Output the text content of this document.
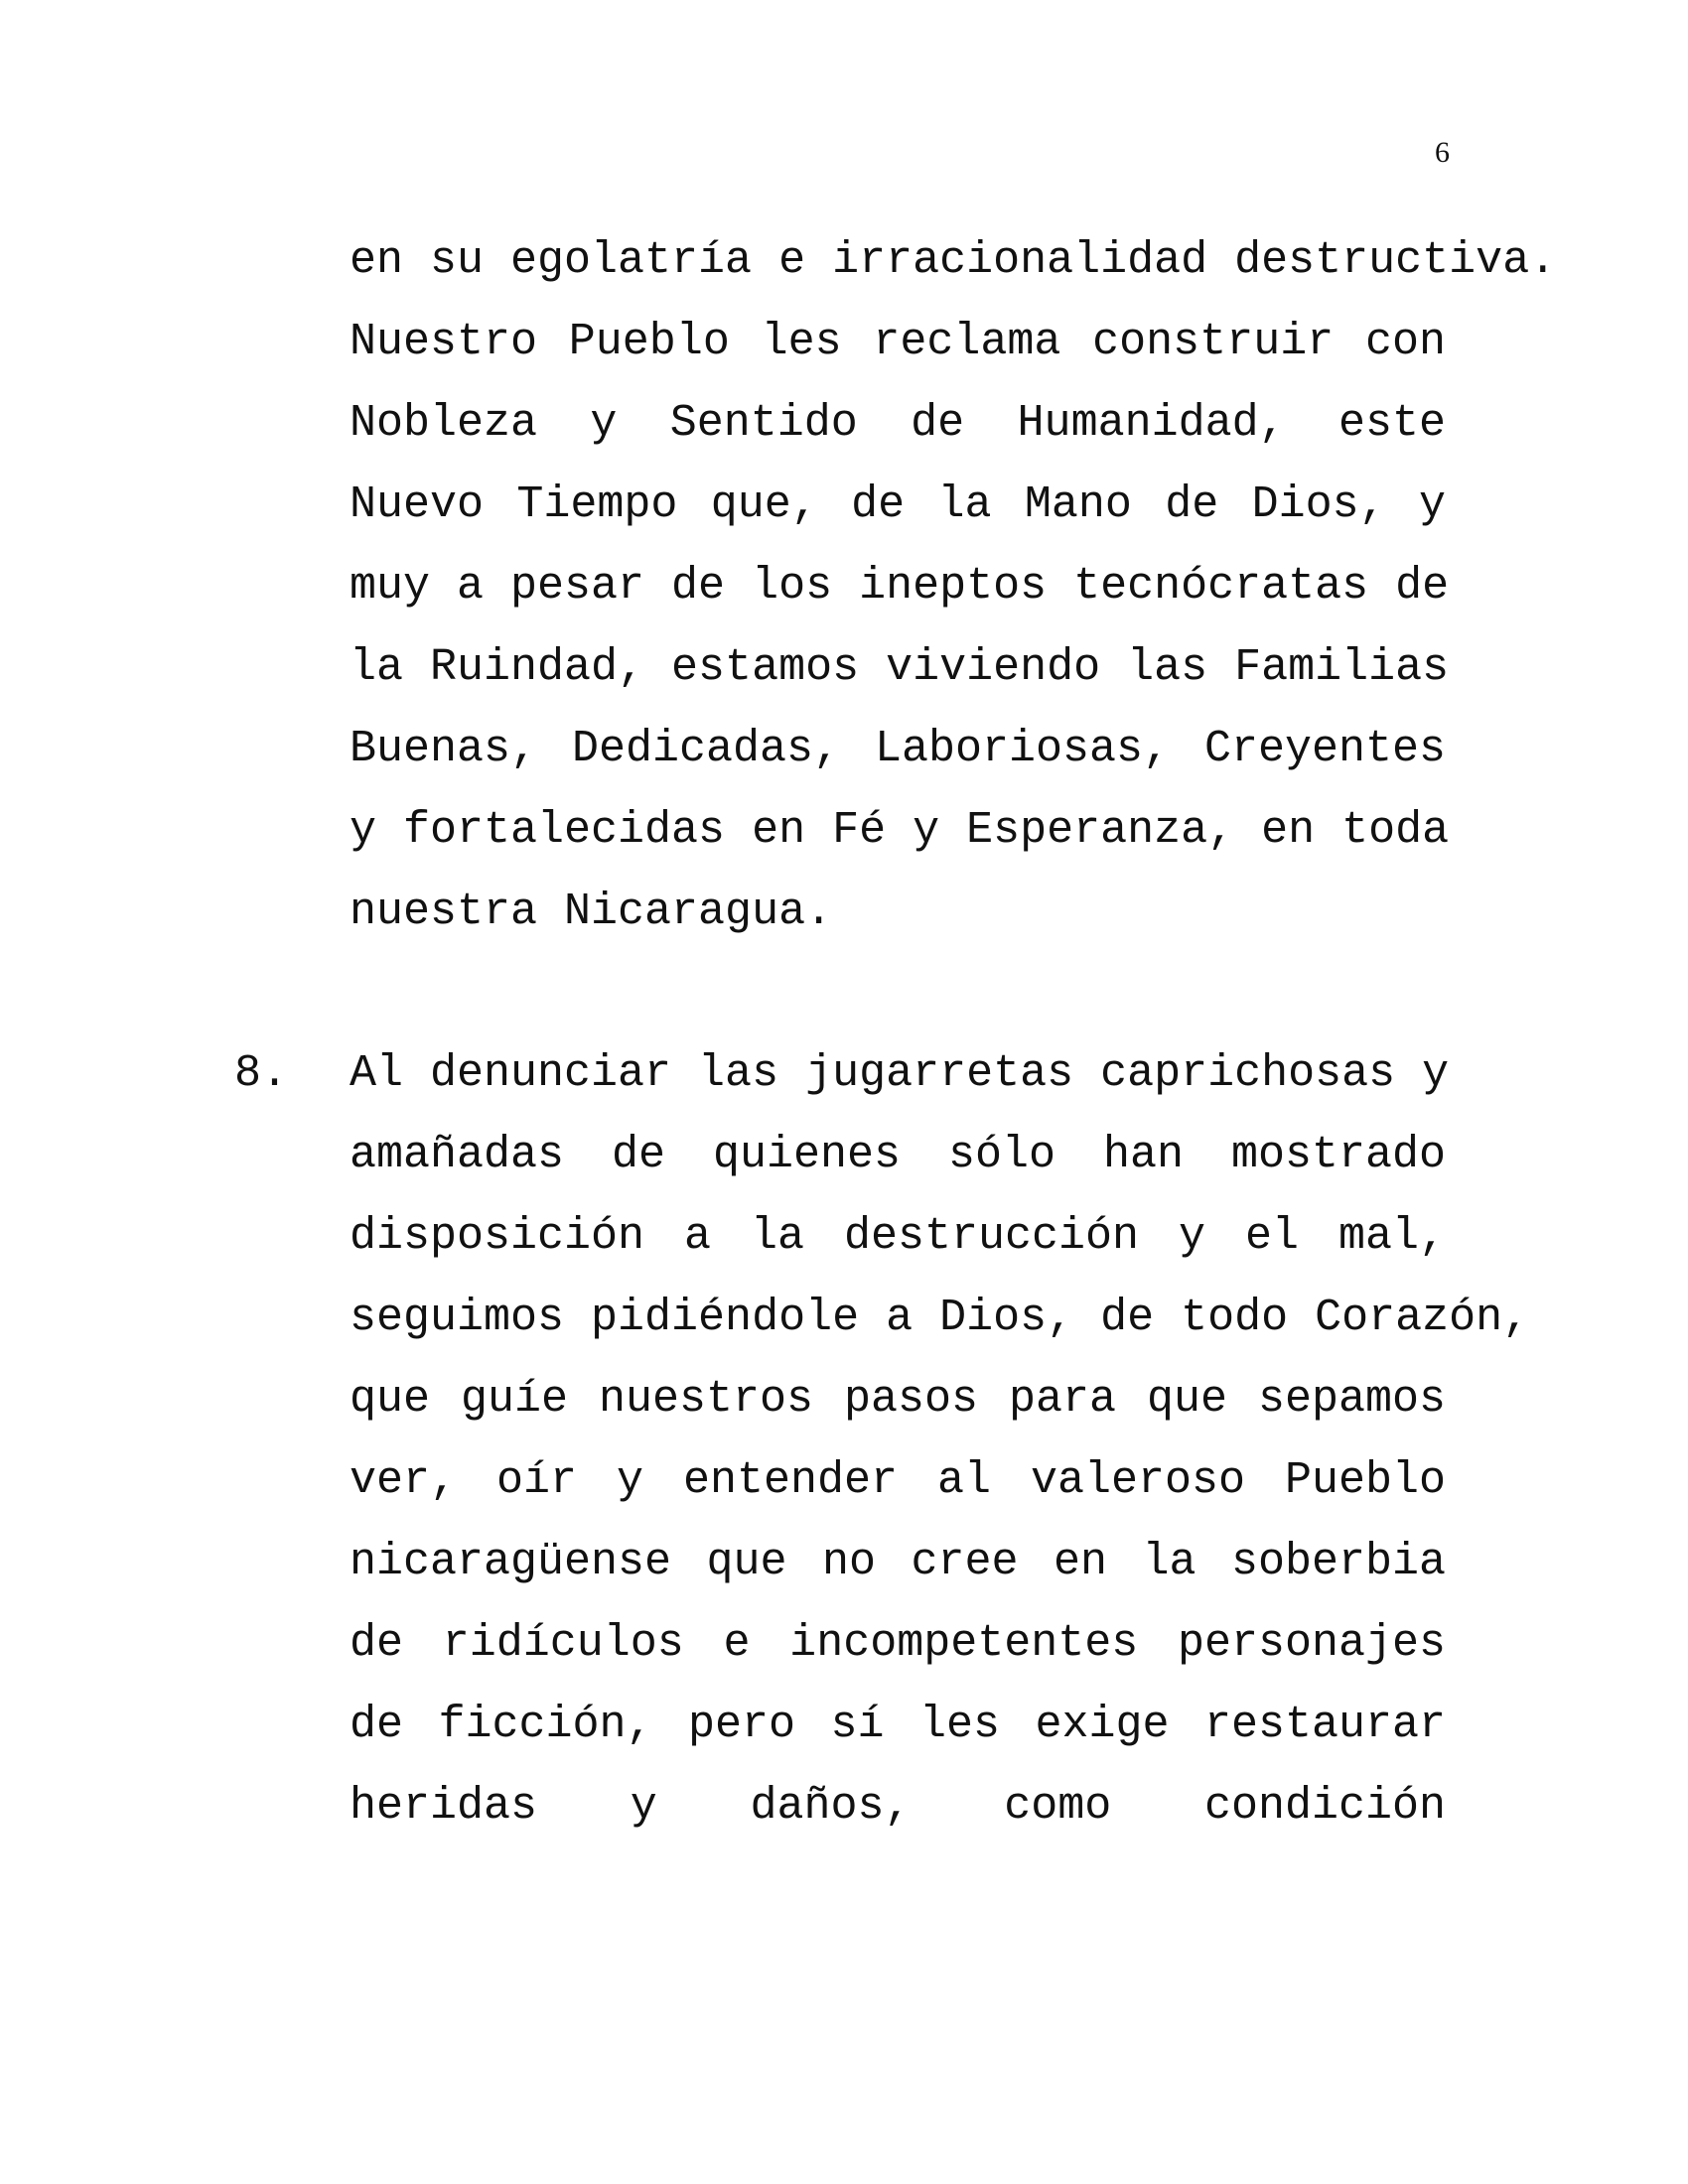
6
en su egolatría e irracionalidad destructiva.
Nuestro Pueblo les reclama construir con
Nobleza y Sentido de Humanidad, este
Nuevo Tiempo que, de la Mano de Dios, y
muy a pesar de los ineptos tecnócratas de
la Ruindad, estamos viviendo las Familias
Buenas, Dedicadas, Laboriosas, Creyentes
y fortalecidas en Fé y Esperanza, en toda
nuestra Nicaragua.
8.	Al denunciar las jugarretas caprichosas y
amañadas de quienes sólo han mostrado
disposición a la destrucción y el mal,
seguimos pidiéndole a Dios, de todo Corazón,
que guíe nuestros pasos para que sepamos
ver, oír y entender al valeroso Pueblo
nicaragüense que no cree en la soberbia
de ridículos e incompetentes personajes
de ficción, pero sí les exige restaurar
heridas y daños, como condición
